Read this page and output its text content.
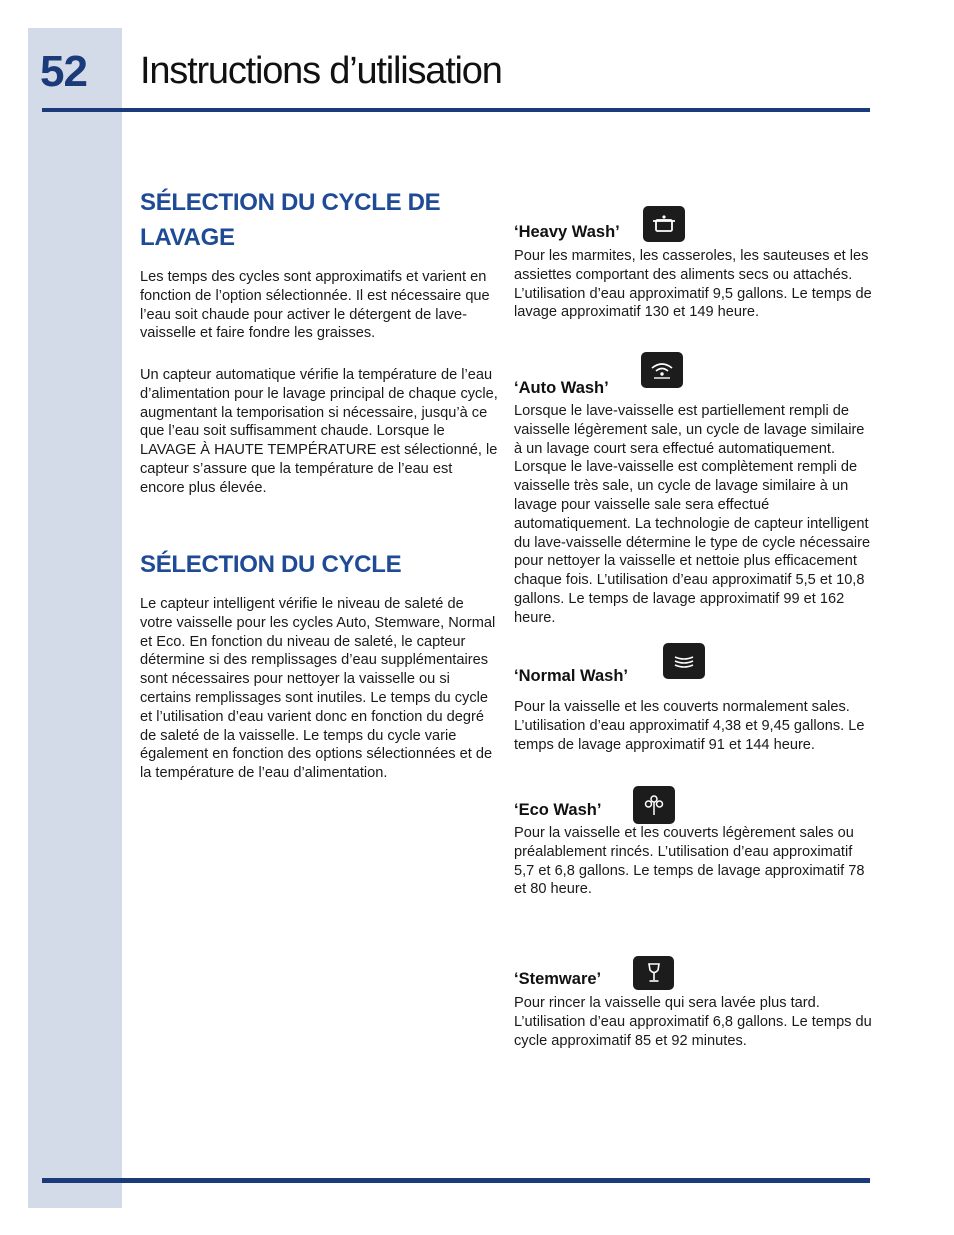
52 Instructions d’utilisation
SÉLECTION DU CYCLE DE
LAVAGE
Les temps des cycles sont approximatifs et varient en fonction de l’option sélectionnée. Il est nécessaire que l’eau soit chaude pour activer le détergent de lave-vaisselle et faire fondre les graisses.
Un capteur automatique vérifie la température de l’eau d’alimentation pour le lavage principal de chaque cycle, augmentant la temporisation si nécessaire, jusqu’à ce que l’eau soit suffisamment chaude. Lorsque le LAVAGE À HAUTE TEMPÉRATURE est sélectionné, le capteur s’assure que la température de l’eau est encore plus élevée.
SÉLECTION DU CYCLE
Le capteur intelligent vérifie le niveau de saleté de votre vaisselle pour les cycles Auto, Stemware, Normal et Eco. En fonction du niveau de saleté, le capteur détermine si des remplissages d’eau supplémentaires sont nécessaires pour nettoyer la vaisselle ou si certains remplissages sont inutiles. Le temps du cycle et l’utilisation d’eau varient donc en fonction du degré de saleté de la vaisselle. Le temps du cycle varie également en fonction des options sélectionnées et de la température de l’eau d’alimentation.
‘Heavy Wash’
Pour les marmites, les casseroles, les sauteuses et les assiettes comportant des aliments secs ou attachés. L’utilisation d’eau approximatif 9,5 gallons. Le temps de lavage approximatif 130 et 149 heure.
‘Auto Wash’
Lorsque le lave-vaisselle est partiellement rempli de vaisselle légèrement sale, un cycle de lavage similaire à un lavage court sera effectué automatiquement. Lorsque le lave-vaisselle est complètement rempli de vaisselle très sale, un cycle de lavage similaire à un lavage pour vaisselle sale sera effectué automatiquement. La technologie de capteur intelligent du lave-vaisselle détermine le type de cycle nécessaire pour nettoyer la vaisselle et nettoie plus efficacement chaque fois. L’utilisation d’eau approximatif 5,5 et 10,8 gallons. Le temps de lavage approximatif 99 et 162 heure.
‘Normal Wash’
Pour la vaisselle et les couverts normalement sales. L’utilisation d’eau approximatif 4,38 et 9,45 gallons. Le temps de lavage approximatif 91 et 144 heure.
‘Eco Wash’
Pour la vaisselle et les couverts légèrement sales ou préalablement rincés. L’utilisation d’eau approximatif 5,7 et 6,8 gallons. Le temps de lavage approximatif 78 et 80 heure.
‘Stemware’
Pour rincer la vaisselle qui sera lavée plus tard. L’utilisation d’eau approximatif 6,8 gallons. Le temps du cycle approximatif 85 et 92 minutes.
